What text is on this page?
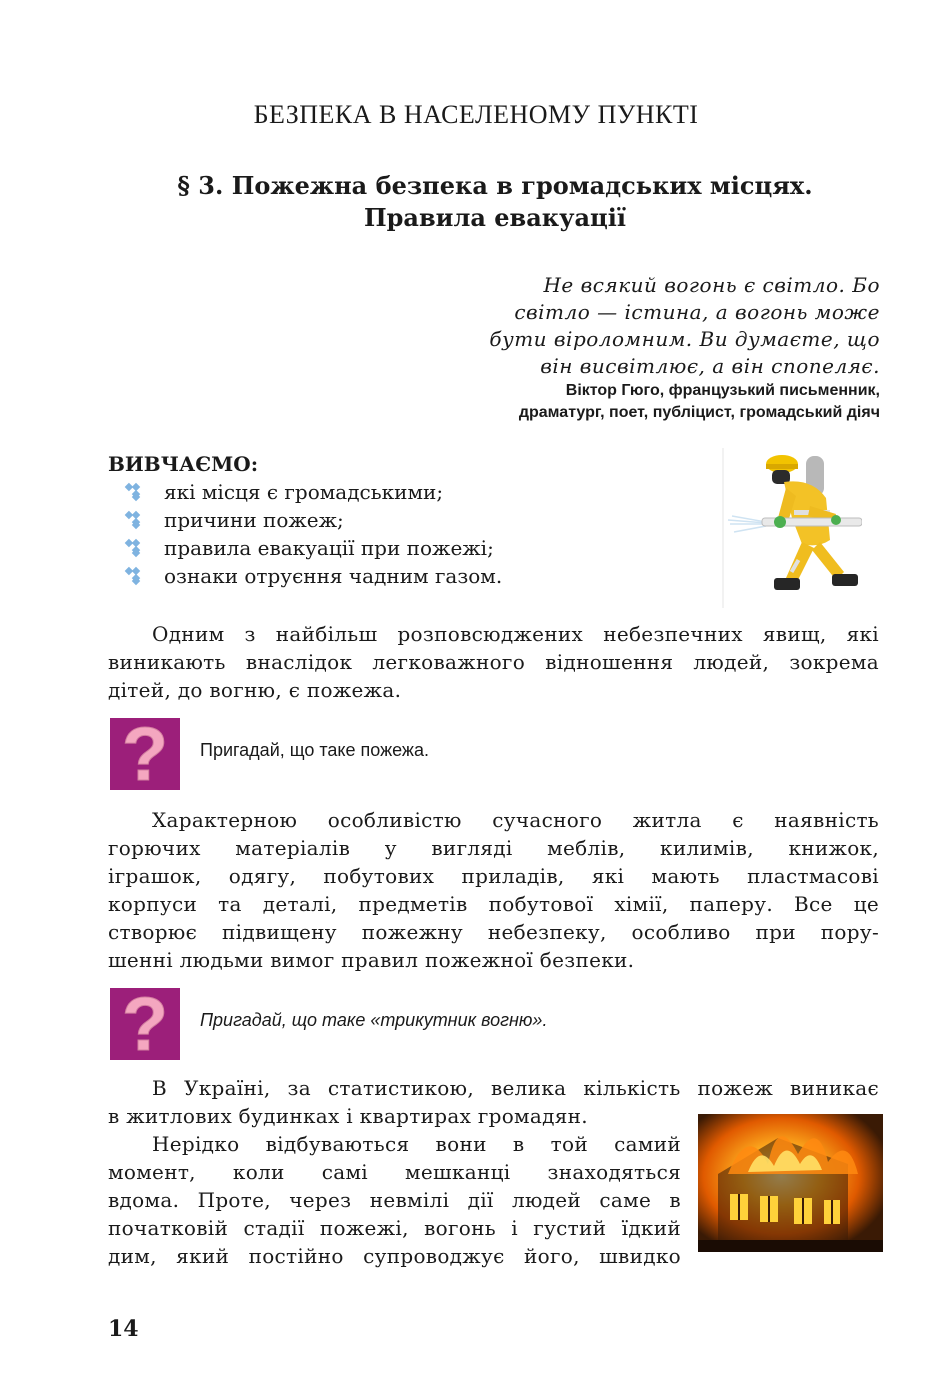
БЕЗПЕКА В НАСЕЛЕНОМУ ПУНКТІ
§ 3. Пожежна безпека в громадських місцях.
Правила евакуації
Не всякий вогонь є світло. Бо
світло — істина, а вогонь може
бути віроломним. Ви думаєте, що
він висвітлює, а він спопеляє.
Віктор Гюго, французький письменник,
драматург, поет, публіцист, громадський діяч
ВИВЧАЄМО:
які місця є громадськими;
причини пожеж;
правила евакуації при пожежі;
ознаки отруєння чадним газом.
Одним з найбільш розповсюджених небезпечних явищ, які
виникають внаслідок легковажного відношення людей, зокрема
дітей, до вогню, є пожежа.
? Пригадай, що таке пожежа.
Характерною особливістю сучасного житла є наявність
горючих матеріалів у вигляді меблів, килимів, книжок,
іграшок, одягу, побутових приладів, які мають пластмасові
корпуси та деталі, предметів побутової хімії, паперу. Все це
створює підвищену пожежну небезпеку, особливо при пору-
шенні людьми вимог правил пожежної безпеки.
? Пригадай, що таке «трикутник вогню».
В Україні, за статистикою, велика кількість пожеж виникає
в житлових будинках і квартирах громадян.
Нерідко відбуваються вони в той самий
момент, коли самі мешканці знаходяться
вдома. Проте, через невмілі дії людей саме в
початковій стадії пожежі, вогонь і густий їдкий
дим, який постійно супроводжує його, швидко
14
